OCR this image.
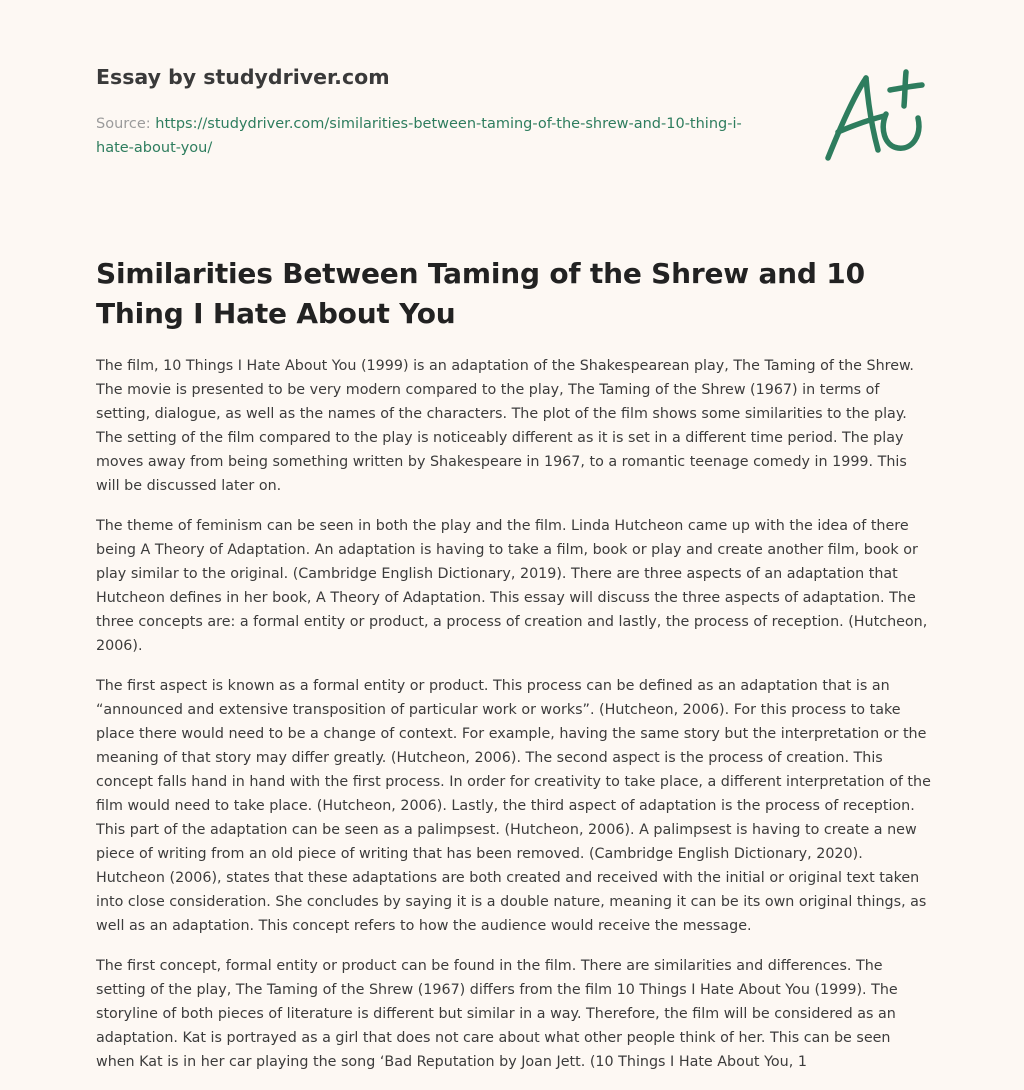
Essay by studydriver.com
Source: https://studydriver.com/similarities-between-taming-of-the-shrew-and-10-thing-i-hate-about-you/
Similarities Between Taming of the Shrew and 10 Thing I Hate About You

The film, 10 Things I Hate About You (1999) is an adaptation of the Shakespearean play, The Taming of the Shrew. The movie is presented to be very modern compared to the play, The Taming of the Shrew (1967) in terms of setting, dialogue, as well as the names of the characters. The plot of the film shows some similarities to the play. The setting of the film compared to the play is noticeably different as it is set in a different time period. The play moves away from being something written by Shakespeare in 1967, to a romantic teenage comedy in 1999. This will be discussed later on.

The theme of feminism can be seen in both the play and the film. Linda Hutcheon came up with the idea of there being A Theory of Adaptation. An adaptation is having to take a film, book or play and create another film, book or play similar to the original. (Cambridge English Dictionary, 2019). There are three aspects of an adaptation that Hutcheon defines in her book, A Theory of Adaptation. This essay will discuss the three aspects of adaptation. The three concepts are: a formal entity or product, a process of creation and lastly, the process of reception. (Hutcheon, 2006).

The first aspect is known as a formal entity or product. This process can be defined as an adaptation that is an “announced and extensive transposition of particular work or works”. (Hutcheon, 2006). For this process to take place there would need to be a change of context. For example, having the same story but the interpretation or the meaning of that story may differ greatly. (Hutcheon, 2006). The second aspect is the process of creation. This concept falls hand in hand with the first process. In order for creativity to take place, a different interpretation of the film would need to take place. (Hutcheon, 2006). Lastly, the third aspect of adaptation is the process of reception. This part of the adaptation can be seen as a palimpsest. (Hutcheon, 2006). A palimpsest is having to create a new piece of writing from an old piece of writing that has been removed. (Cambridge English Dictionary, 2020). Hutcheon (2006), states that these adaptations are both created and received with the initial or original text taken into close consideration. She concludes by saying it is a double nature, meaning it can be its own original things, as well as an adaptation. This concept refers to how the audience would receive the message.

The first concept, formal entity or product can be found in the film. There are similarities and differences. The setting of the play, The Taming of the Shrew (1967) differs from the film 10 Things I Hate About You (1999). The storyline of both pieces of literature is different but similar in a way. Therefore, the film will be considered as an adaptation. Kat is portrayed as a girl that does not care about what other people think of her. This can be seen when Kat is in her car playing the song ‘Bad Reputation by Joan Jett. (10 Things I Hate About You, 1
